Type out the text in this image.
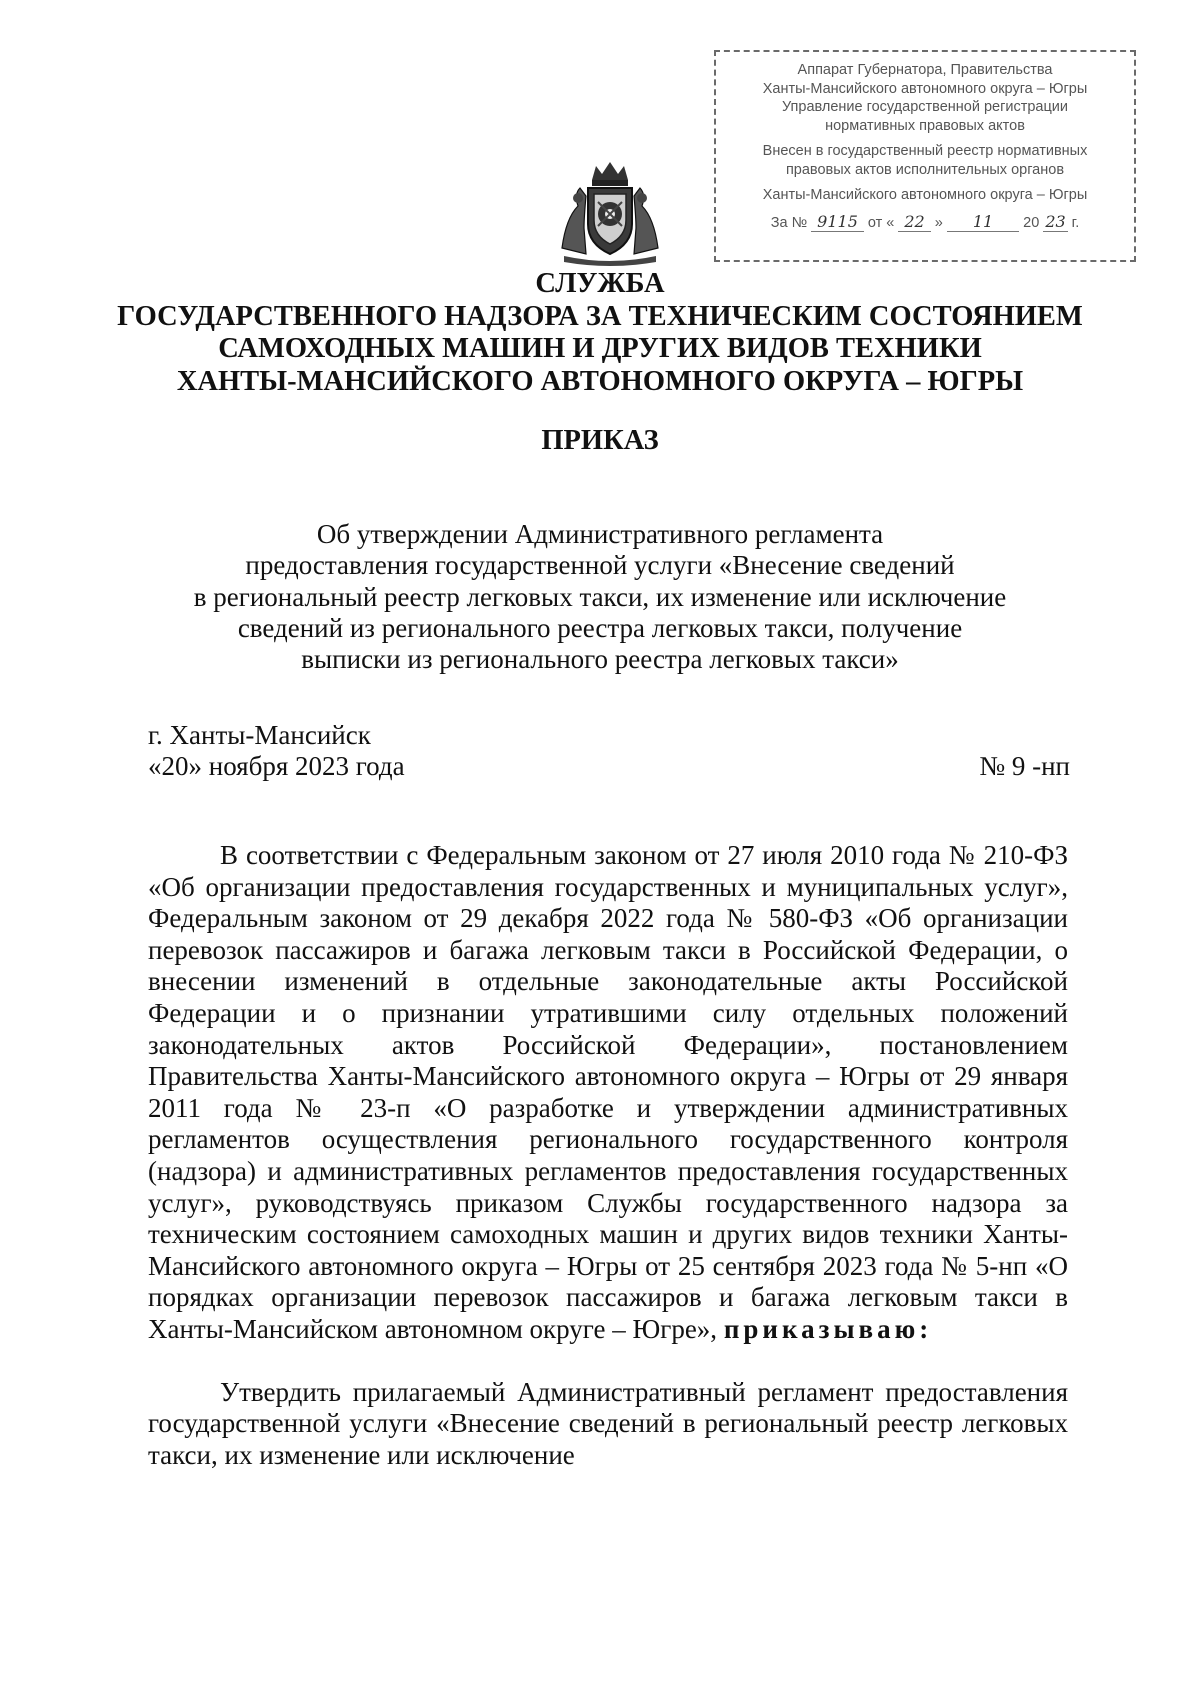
Аппарат Губернатора, Правительства
Ханты-Мансийского автономного округа – Югры
Управление государственной регистрации
нормативных правовых актов
Внесен в государственный реестр нормативных
правовых актов исполнительных органов
Ханты-Мансийского автономного округа – Югры
За № 9115 от « 22 »	11	20 23 г.
СЛУЖБА
ГОСУДАРСТВЕННОГО НАДЗОРА ЗА ТЕХНИЧЕСКИМ СОСТОЯНИЕМ
САМОХОДНЫХ МАШИН И ДРУГИХ ВИДОВ ТЕХНИКИ
ХАНТЫ-МАНСИЙСКОГО АВТОНОМНОГО ОКРУГА – ЮГРЫ
ПРИКАЗ
Об утверждении Административного регламента
предоставления государственной услуги «Внесение сведений
в региональный реестр легковых такси, их изменение или исключение
сведений из регионального реестра легковых такси, получение
выписки из регионального реестра легковых такси»
г. Ханты-Мансийск
«20» ноября 2023 года	№ 9 -нп

В соответствии с Федеральным законом от 27 июля 2010 года № 210-ФЗ «Об организации предоставления государственных и муниципальных услуг», Федеральным законом от 29 декабря 2022 года № 580-ФЗ «Об организации перевозок пассажиров и багажа легковым такси в Российской Федерации, о внесении изменений в отдельные законодательные акты Российской Федерации и о признании утратившими силу отдельных положений законодательных актов Российской Федерации», постановлением Правительства Ханты-Мансийского автономного округа – Югры от 29 января 2011 года № 23-п «О разработке и утверждении административных регламентов осуществления регионального государственного контроля (надзора) и административных регламентов предоставления государственных услуг», руководствуясь приказом Службы государственного надзора за техническим состоянием самоходных машин и других видов техники Ханты-Мансийского автономного округа – Югры от 25 сентября 2023 года № 5-нп «О порядках организации перевозок пассажиров и багажа легковым такси в Ханты-Мансийском автономном округе – Югре», приказываю:

Утвердить прилагаемый Административный регламент предоставления государственной услуги «Внесение сведений в региональный реестр легковых такси, их изменение или исключение
